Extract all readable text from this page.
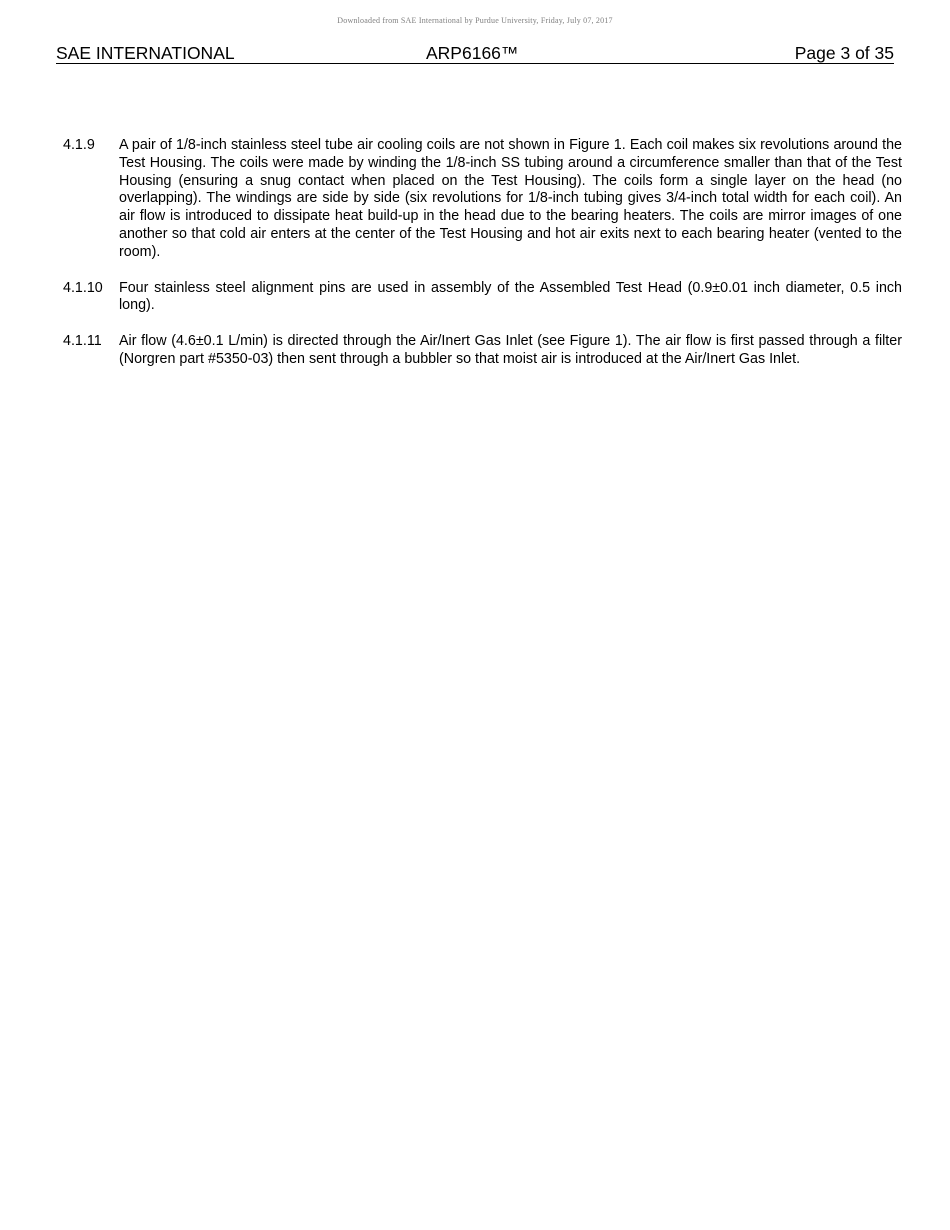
Downloaded from SAE International by Purdue University, Friday, July 07, 2017
SAE INTERNATIONAL	ARP6166™	Page 3 of 35
4.1.9	A pair of 1/8-inch stainless steel tube air cooling coils are not shown in Figure 1. Each coil makes six revolutions around the Test Housing. The coils were made by winding the 1/8-inch SS tubing around a circumference smaller than that of the Test Housing (ensuring a snug contact when placed on the Test Housing). The coils form a single layer on the head (no overlapping). The windings are side by side (six revolutions for 1/8-inch tubing gives 3/4-inch total width for each coil). An air flow is introduced to dissipate heat build-up in the head due to the bearing heaters. The coils are mirror images of one another so that cold air enters at the center of the Test Housing and hot air exits next to each bearing heater (vented to the room).
4.1.10	Four stainless steel alignment pins are used in assembly of the Assembled Test Head (0.9±0.01 inch diameter, 0.5 inch long).
4.1.11	Air flow (4.6±0.1 L/min) is directed through the Air/Inert Gas Inlet (see Figure 1). The air flow is first passed through a filter (Norgren part #5350-03) then sent through a bubbler so that moist air is introduced at the Air/Inert Gas Inlet.
